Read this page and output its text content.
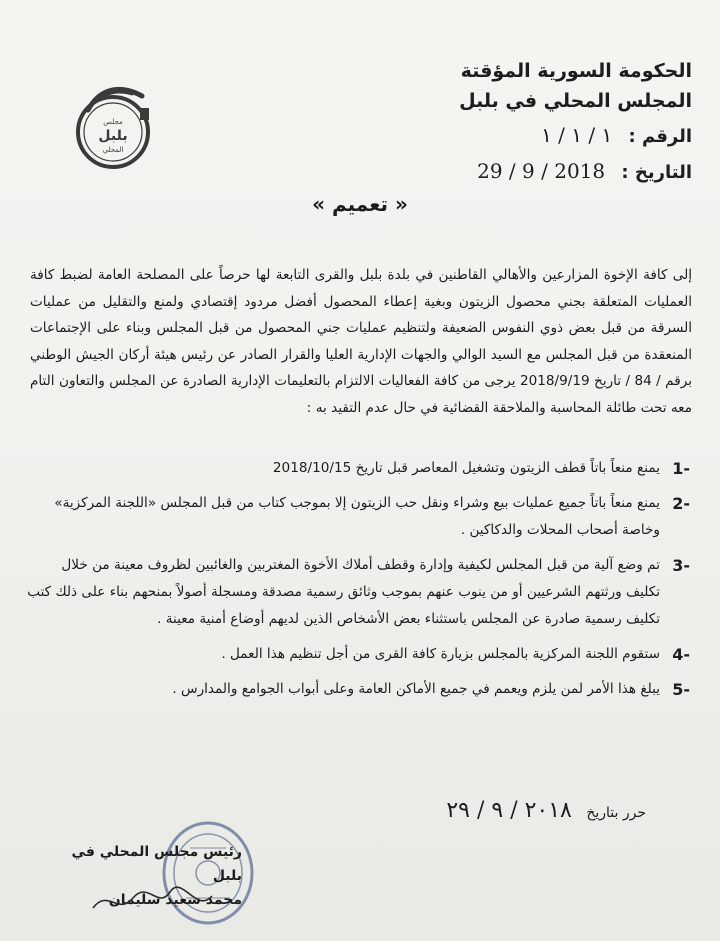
مجلس
بلبل
المحلي
الحكومة السورية المؤقتة
المجلس المحلي في بلبل
الرقم : ١ / ١ / ١
التاريخ : 2018 / 9 / 29
« تعميم »
إلى كافة الإخوة المزارعين والأهالي القاطنين في بلدة بلبل والقرى التابعة لها حرصاً على المصلحة العامة لضبط كافة العمليات المتعلقة بجني محصول الزيتون وبغية إعطاء المحصول أفضل مردود إقتصادي ولمنع والتقليل من عمليات السرقة من قبل بعض ذوي النفوس الضعيفة ولتنظيم عمليات جني المحصول من قبل المجلس وبناء على الإجتماعات المنعقدة من قبل المجلس مع السيد الوالي والجهات الإدارية العليا والقرار الصادر عن رئيس هيئة أركان الجيش الوطني برقم / 84 / تاريخ 2018/9/19 يرجى من كافة الفعاليات الالتزام بالتعليمات الإدارية الصادرة عن المجلس والتعاون التام معه تحت طائلة المحاسبة والملاحقة القضائية في حال عدم التقيد به :
-1
يمنع منعاً باتاً قطف الزيتون وتشغيل المعاصر قبل تاريخ 2018/10/15
-2
يمنع منعاً باتاً جميع عمليات بيع وشراء ونقل حب الزيتون إلا بموجب كتاب من قبل المجلس «اللجنة المركزية» وخاصة أصحاب المحلات والدكاكين .
-3
تم وضع آلية من قبل المجلس لكيفية وإدارة وقطف أملاك الأخوة المغتربين والغائبين لظروف معينة من خلال تكليف ورثتهم الشرعيين أو من ينوب عنهم بموجب وثائق رسمية مصدقة ومسجلة أصولاً بمنحهم بناء على ذلك كتب تكليف رسمية صادرة عن المجلس باستثناء بعض الأشخاص الذين لديهم أوضاع أمنية معينة .
-4
ستقوم اللجنة المركزية بالمجلس بزيارة كافة القرى من أجل تنظيم هذا العمل .
-5
يبلغ هذا الأمر لمن يلزم ويعمم في جميع الأماكن العامة وعلى أبواب الجوامع والمدارس .
حرر بتاريخ ٢٠١٨ / ٩ / ٢٩
رئيس مجلس المحلي في بلبل
محمد سعيد سليمان
